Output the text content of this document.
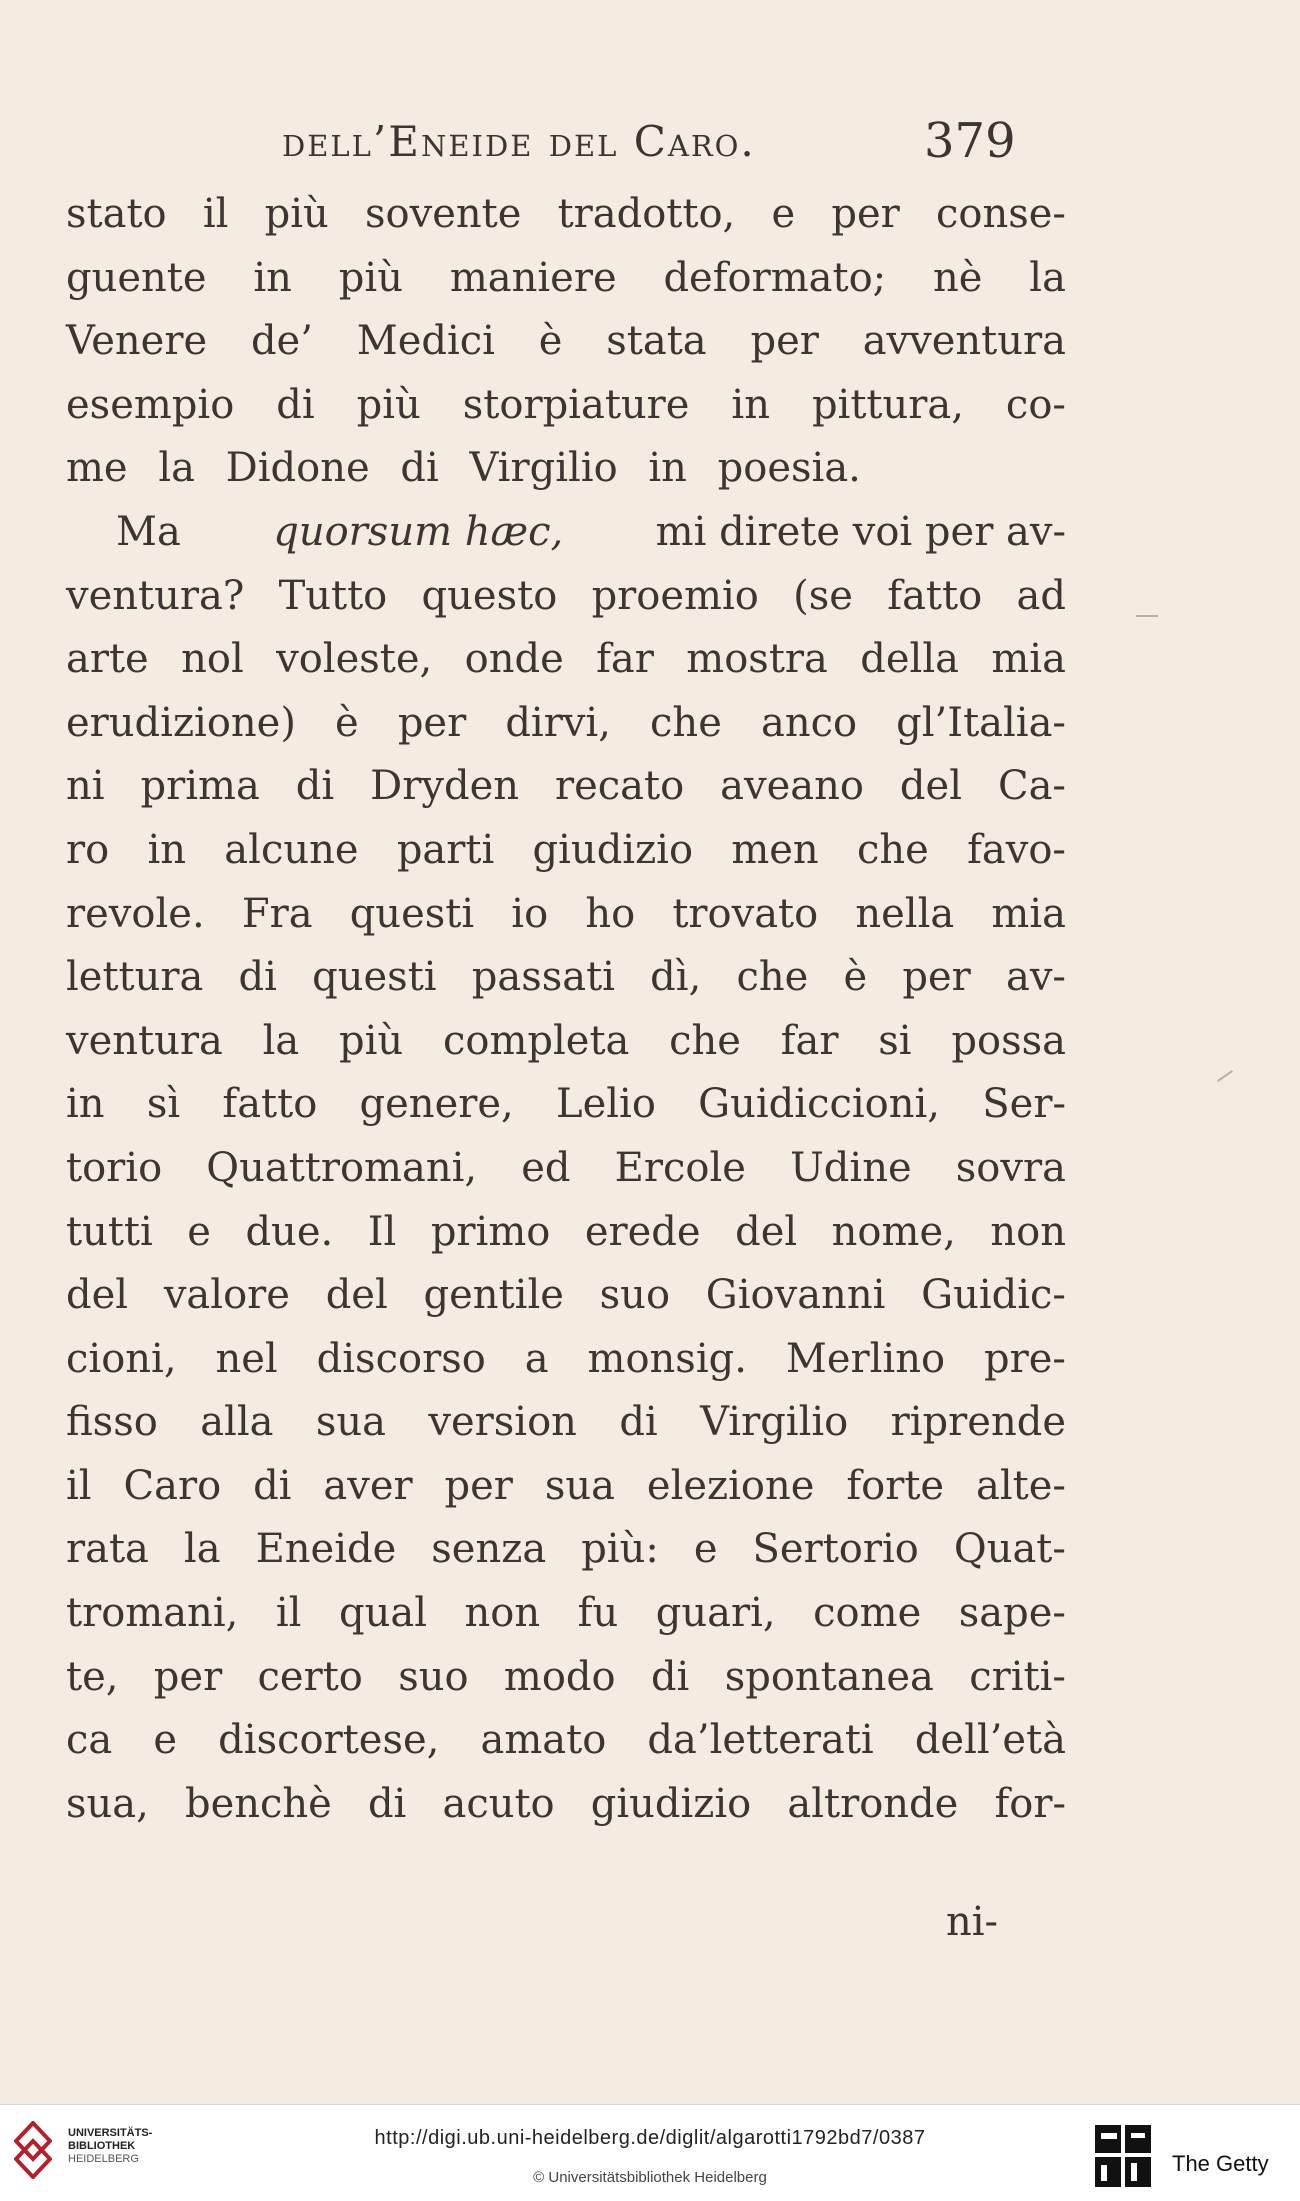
dell’Eneide del Caro.	379
stato il più sovente tradotto, e per conse-
guente in più maniere deformato; nè la
Venere de’ Medici è stata per avventura
esempio di più storpiature in pittura, co-
me la Didone di Virgilio in poesia.
Ma quorsum hæc, mi direte voi per av-
ventura? Tutto questo proemio (se fatto ad
arte nol voleste, onde far mostra della mia
erudizione) è per dirvi, che anco gl’Italia-
ni prima di Dryden recato aveano del Ca-
ro in alcune parti giudizio men che favo-
revole. Fra questi io ho trovato nella mia
lettura di questi passati dì, che è per av-
ventura la più completa che far si possa
in sì fatto genere, Lelio Guidiccioni, Ser-
torio Quattromani, ed Ercole Udine sovra
tutti e due. Il primo erede del nome, non
del valore del gentile suo Giovanni Guidic-
cioni, nel discorso a monsig. Merlino pre-
fisso alla sua version di Virgilio riprende
il Caro di aver per sua elezione forte alte-
rata la Eneide senza più: e Sertorio Quat-
tromani, il qual non fu guari, come sape-
te, per certo suo modo di spontanea criti-
ca e discortese, amato da’letterati dell’età
sua, benchè di acuto giudizio altronde for-
ni-
UNIVERSITÄTS-
BIBLIOTHEK
HEIDELBERG
http://digi.ub.uni-heidelberg.de/diglit/algarotti1792bd7/0387
© Universitätsbibliothek Heidelberg
The Getty
